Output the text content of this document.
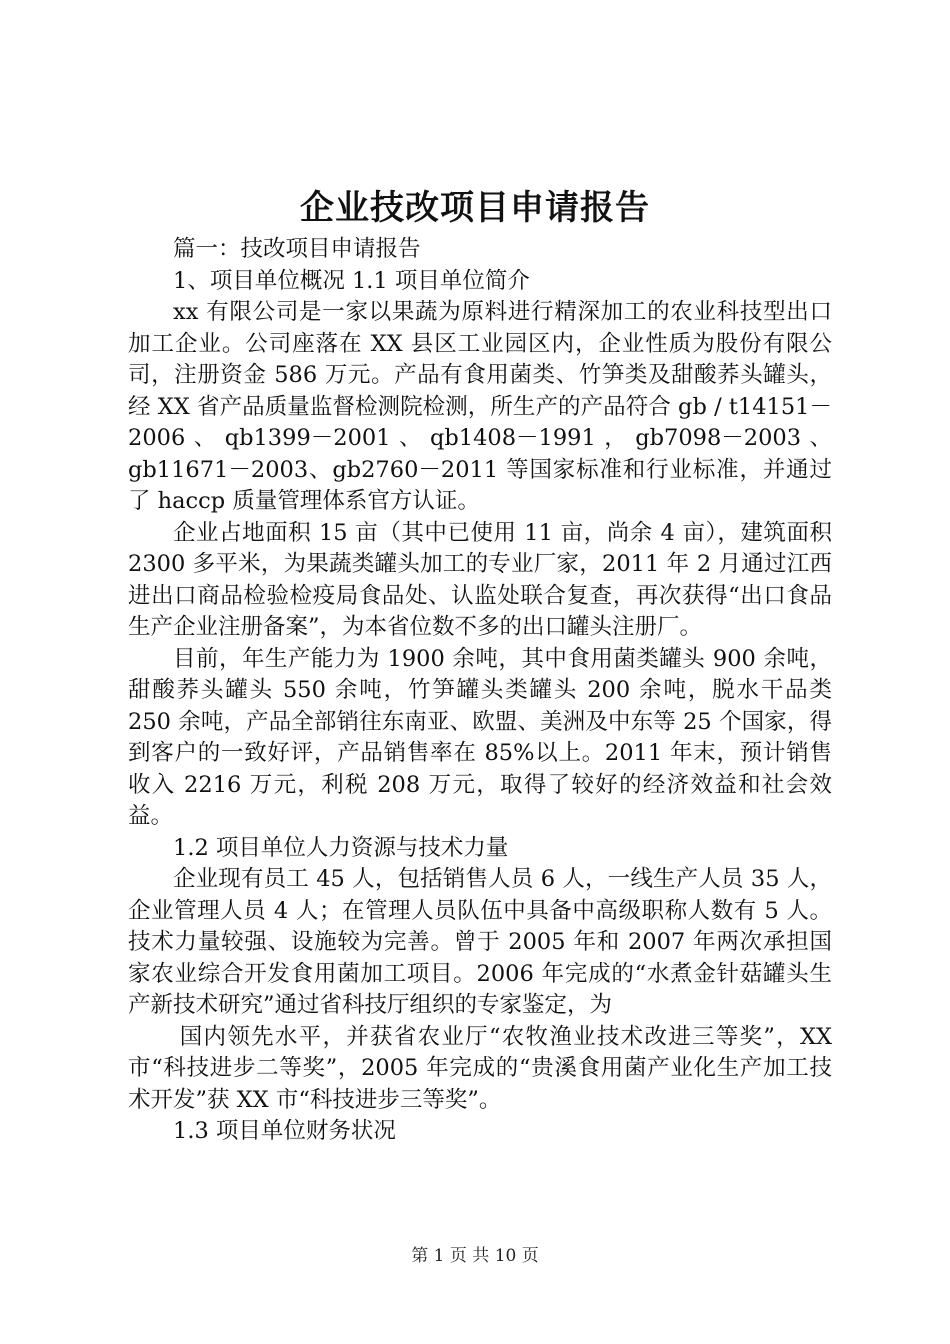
企业技改项目申请报告

篇一：技改项目申请报告

1、项目单位概况 1.1 项目单位简介

xx 有限公司是一家以果蔬为原料进行精深加工的农业科技型出口加工企业。公司座落在 XX 县区工业园区内，企业性质为股份有限公司，注册资金 586 万元。产品有食用菌类、竹笋类及甜酸荞头罐头，经 XX 省产品质量监督检测院检测，所生产的产品符合 gb / t14151－2006、qb1399－2001、qb1408－1991，gb7098－2003、gb11671－2003、gb2760－2011 等国家标准和行业标准，并通过了 haccp 质量管理体系官方认证。

企业占地面积 15 亩（其中已使用 11 亩，尚余 4 亩），建筑面积 2300 多平米，为果蔬类罐头加工的专业厂家，2011 年 2 月通过江西进出口商品检验检疫局食品处、认监处联合复查，再次获得“出口食品生产企业注册备案”，为本省位数不多的出口罐头注册厂。

目前，年生产能力为 1900 余吨，其中食用菌类罐头 900 余吨，甜酸荞头罐头 550 余吨，竹笋罐头类罐头 200 余吨，脱水干品类 250 余吨，产品全部销往东南亚、欧盟、美洲及中东等 25 个国家，得到客户的一致好评，产品销售率在 85%以上。2011 年末，预计销售收入 2216 万元，利税 208 万元，取得了较好的经济效益和社会效益。

1.2 项目单位人力资源与技术力量

企业现有员工 45 人，包括销售人员 6 人，一线生产人员 35 人，企业管理人员 4 人；在管理人员队伍中具备中高级职称人数有 5 人。技术力量较强、设施较为完善。曾于 2005 年和 2007 年两次承担国家农业综合开发食用菌加工项目。2006 年完成的“水煮金针菇罐头生产新技术研究”通过省科技厅组织的专家鉴定，为

国内领先水平，并获省农业厅“农牧渔业技术改进三等奖”，XX 市“科技进步二等奖”，2005 年完成的“贵溪食用菌产业化生产加工技术开发”获 XX 市“科技进步三等奖”。

1.3 项目单位财务状况

第 1 页 共 10 页
